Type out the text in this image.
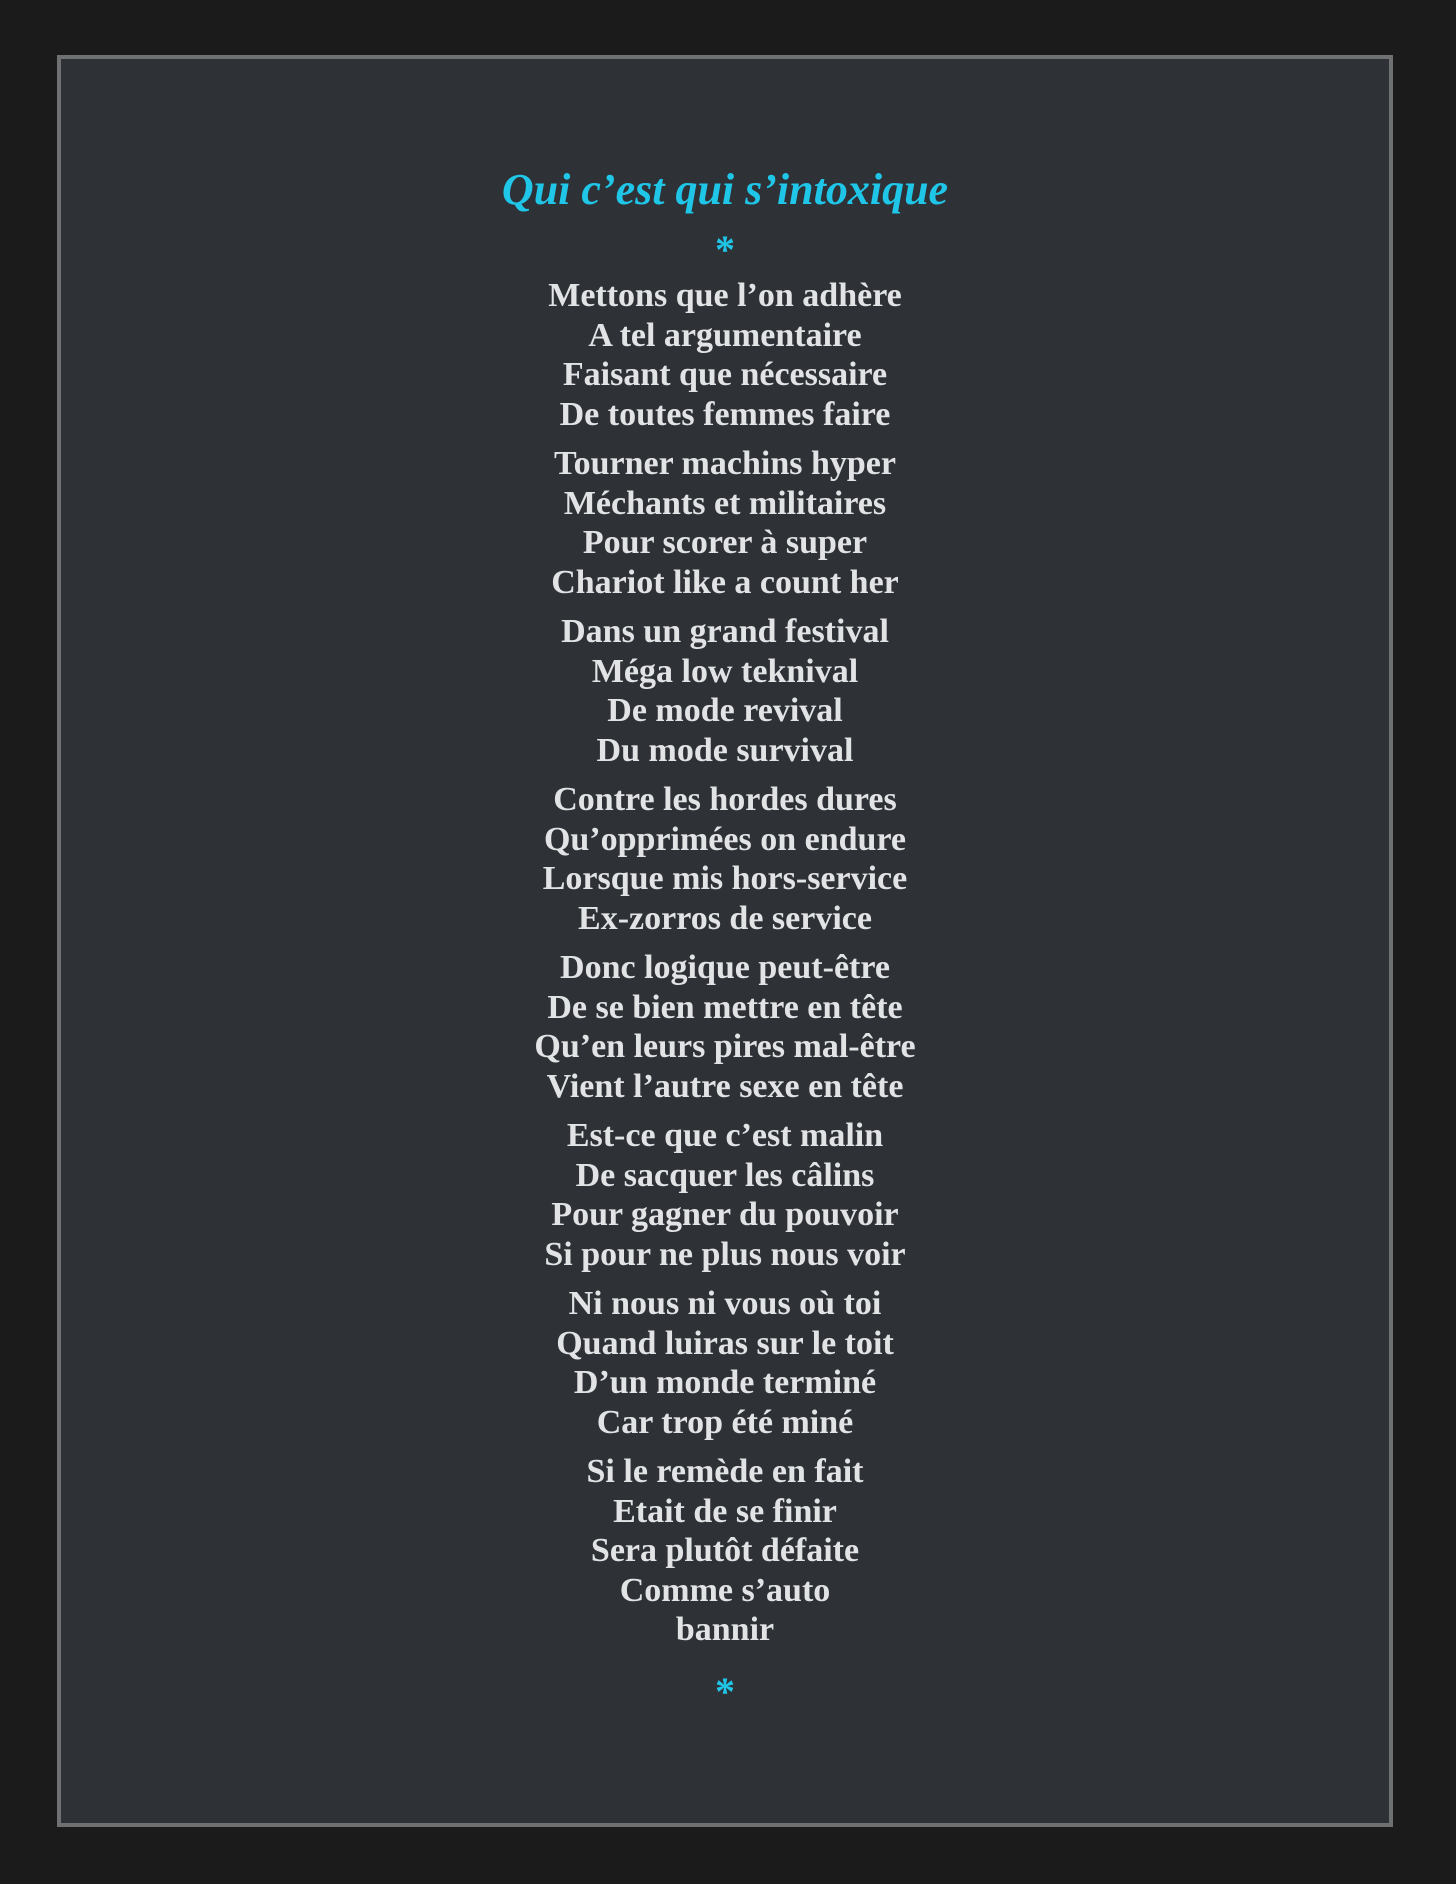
Qui c’est qui s’intoxique
*
Mettons que l’on adhère
A tel argumentaire
Faisant que nécessaire
De toutes femmes faire
Tourner machins hyper
Méchants et militaires
Pour scorer à super
Chariot like a count her
Dans un grand festival
Méga low teknival
De mode revival
Du mode survival
Contre les hordes dures
Qu’opprimées on endure
Lorsque mis hors-service
Ex-zorros de service
Donc logique peut-être
De se bien mettre en tête
Qu’en leurs pires mal-être
Vient l’autre sexe en tête
Est-ce que c’est malin
De sacquer les câlins
Pour gagner du pouvoir
Si pour ne plus nous voir
Ni nous ni vous où toi
Quand luiras sur le toit
D’un monde terminé
Car trop été miné
Si le remède en fait
Etait de se finir
Sera plutôt défaite
Comme s’auto
bannir
*
